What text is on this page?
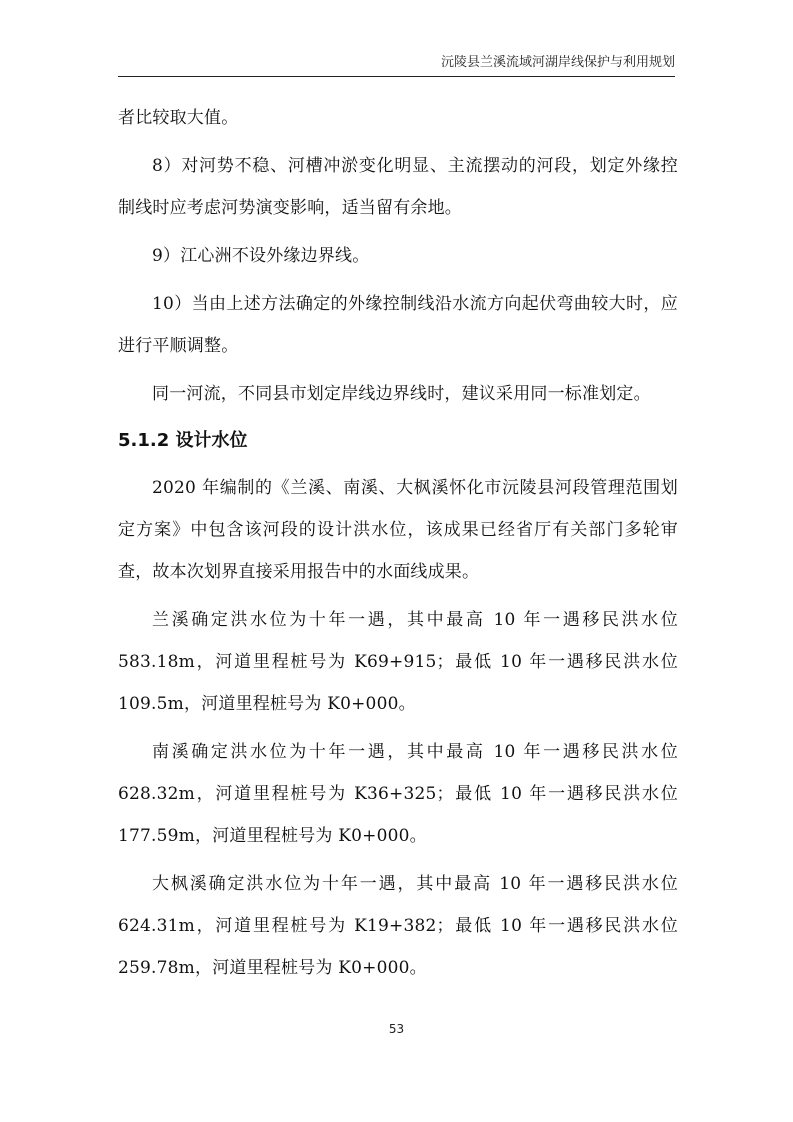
沅陵县兰溪流域河湖岸线保护与利用规划

者比较取大值。

8）对河势不稳、河槽冲淤变化明显、主流摆动的河段，划定外缘控制线时应考虑河势演变影响，适当留有余地。

9）江心洲不设外缘边界线。

10）当由上述方法确定的外缘控制线沿水流方向起伏弯曲较大时，应进行平顺调整。

同一河流，不同县市划定岸线边界线时，建议采用同一标准划定。

5.1.2 设计水位

2020 年编制的《兰溪、南溪、大枫溪怀化市沅陵县河段管理范围划定方案》中包含该河段的设计洪水位，该成果已经省厅有关部门多轮审查，故本次划界直接采用报告中的水面线成果。

兰溪确定洪水位为十年一遇，其中最高 10 年一遇移民洪水位 583.18m，河道里程桩号为 K69+915；最低 10 年一遇移民洪水位 109.5m，河道里程桩号为 K0+000。

南溪确定洪水位为十年一遇，其中最高 10 年一遇移民洪水位 628.32m，河道里程桩号为 K36+325；最低 10 年一遇移民洪水位 177.59m，河道里程桩号为 K0+000。

大枫溪确定洪水位为十年一遇，其中最高 10 年一遇移民洪水位 624.31m，河道里程桩号为 K19+382；最低 10 年一遇移民洪水位 259.78m，河道里程桩号为 K0+000。

53
